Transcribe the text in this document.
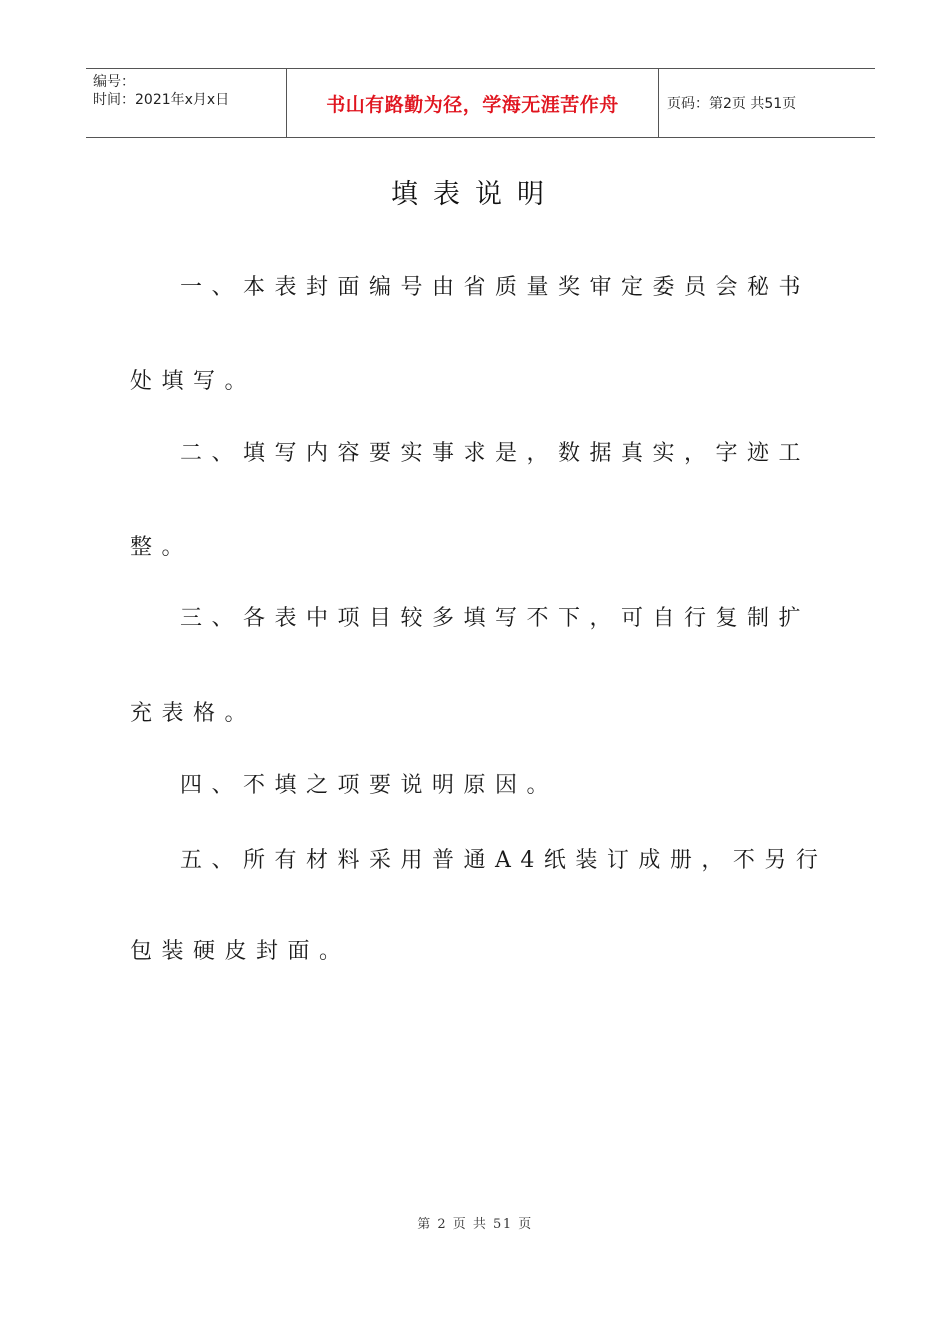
编号：
时间：2021年x月x日	书山有路勤为径，学海无涯苦作舟	页码：第2页 共51页
填表说明
一、本表封面编号由省质量奖审定委员会秘书
处填写。
二、填写内容要实事求是，数据真实，字迹工
整。
三、各表中项目较多填写不下，可自行复制扩
充表格。
四、不填之项要说明原因。
五、所有材料采用普通A4纸装订成册，不另行
包装硬皮封面。
第 2 页 共 51 页
